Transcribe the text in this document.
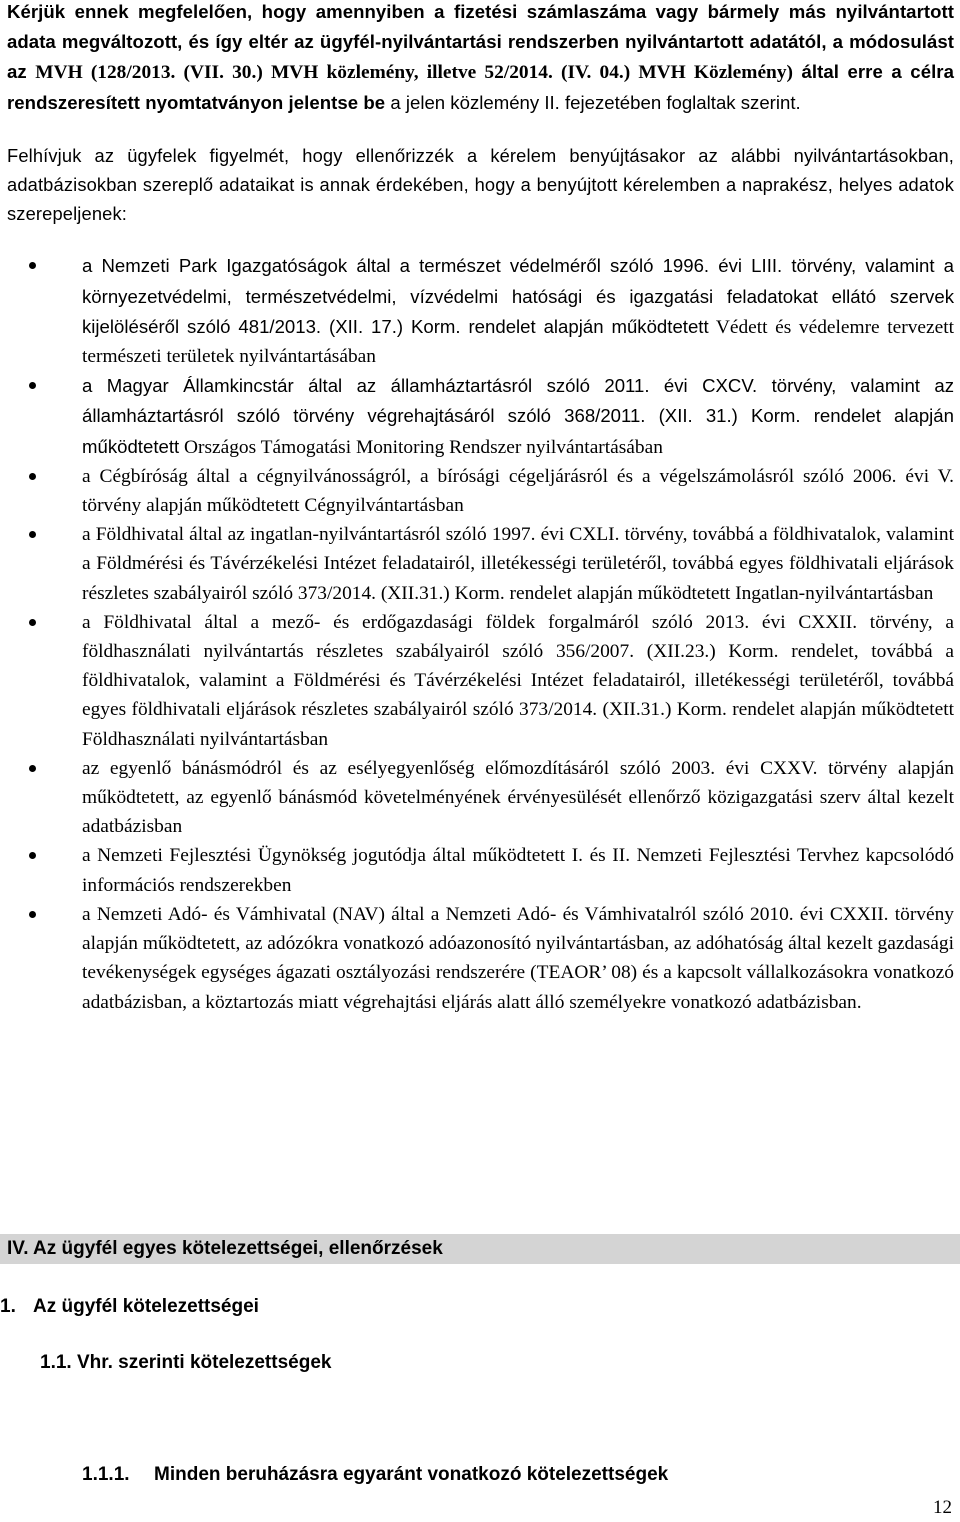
Kérjük ennek megfelelően, hogy amennyiben a fizetési számlaszáma vagy bármely más nyilvántartott adata megváltozott, és így eltér az ügyfél-nyilvántartási rendszerben nyilvántartott adatától, a módosulást az MVH (128/2013. (VII. 30.) MVH közlemény, illetve 52/2014. (IV. 04.) MVH Közlemény) által erre a célra rendszeresített nyomtatványon jelentse be a jelen közlemény II. fejezetében foglaltak szerint.

Felhívjuk az ügyfelek figyelmét, hogy ellenőrizzék a kérelem benyújtásakor az alábbi nyilvántartásokban, adatbázisokban szereplő adataikat is annak érdekében, hogy a benyújtott kérelemben a naprakész, helyes adatok szerepeljenek:

a Nemzeti Park Igazgatóságok által a természet védelméről szóló 1996. évi LIII. törvény, valamint a környezetvédelmi, természetvédelmi, vízvédelmi hatósági és igazgatási feladatokat ellátó szervek kijelöléséről szóló 481/2013. (XII. 17.) Korm. rendelet alapján működtetett Védett és védelemre tervezett természeti területek nyilvántartásában
a Magyar Államkincstár által az államháztartásról szóló 2011. évi CXCV. törvény, valamint az államháztartásról szóló törvény végrehajtásáról szóló 368/2011. (XII. 31.) Korm. rendelet alapján működtetett Országos Támogatási Monitoring Rendszer nyilvántartásában
a Cégbíróság által a cégnyilvánosságról, a bírósági cégeljárásról és a végelszámolásról szóló 2006. évi V. törvény alapján működtetett Cégnyilvántartásban
a Földhivatal által az ingatlan-nyilvántartásról szóló 1997. évi CXLI. törvény, továbbá a földhivatalok, valamint a Földmérési és Távérzékelési Intézet feladatairól, illetékességi területéről, továbbá egyes földhivatali eljárások részletes szabályairól szóló 373/2014. (XII.31.) Korm. rendelet alapján működtetett Ingatlan-nyilvántartásban
a Földhivatal által a mező- és erdőgazdasági földek forgalmáról szóló 2013. évi CXXII. törvény, a földhasználati nyilvántartás részletes szabályairól szóló 356/2007. (XII.23.) Korm. rendelet, továbbá a földhivatalok, valamint a Földmérési és Távérzékelési Intézet feladatairól, illetékességi területéről, továbbá egyes földhivatali eljárások részletes szabályairól szóló 373/2014. (XII.31.) Korm. rendelet alapján működtetett Földhasználati nyilvántartásban
az egyenlő bánásmódról és az esélyegyenlőség előmozdításáról szóló 2003. évi CXXV. törvény alapján működtetett, az egyenlő bánásmód követelményének érvényesülését ellenőrző közigazgatási szerv által kezelt adatbázisban
a Nemzeti Fejlesztési Ügynökség jogutódja által működtetett I. és II. Nemzeti Fejlesztési Tervhez kapcsolódó információs rendszerekben
a Nemzeti Adó- és Vámhivatal (NAV) által a Nemzeti Adó- és Vámhivatalról szóló 2010. évi CXXII. törvény alapján működtetett, az adózókra vonatkozó adóazonosító nyilvántartásban, az adóhatóság által kezelt gazdasági tevékenységek egységes ágazati osztályozási rendszerére (TEAOR’ 08) és a kapcsolt vállalkozásokra vonatkozó adatbázisban, a köztartozás miatt végrehajtási eljárás alatt álló személyekre vonatkozó adatbázisban.
IV. Az ügyfél egyes kötelezettségei, ellenőrzések
1. Az ügyfél kötelezettségei
1.1. Vhr. szerinti kötelezettségek
1.1.1. Minden beruházásra egyaránt vonatkozó kötelezettségek
12
